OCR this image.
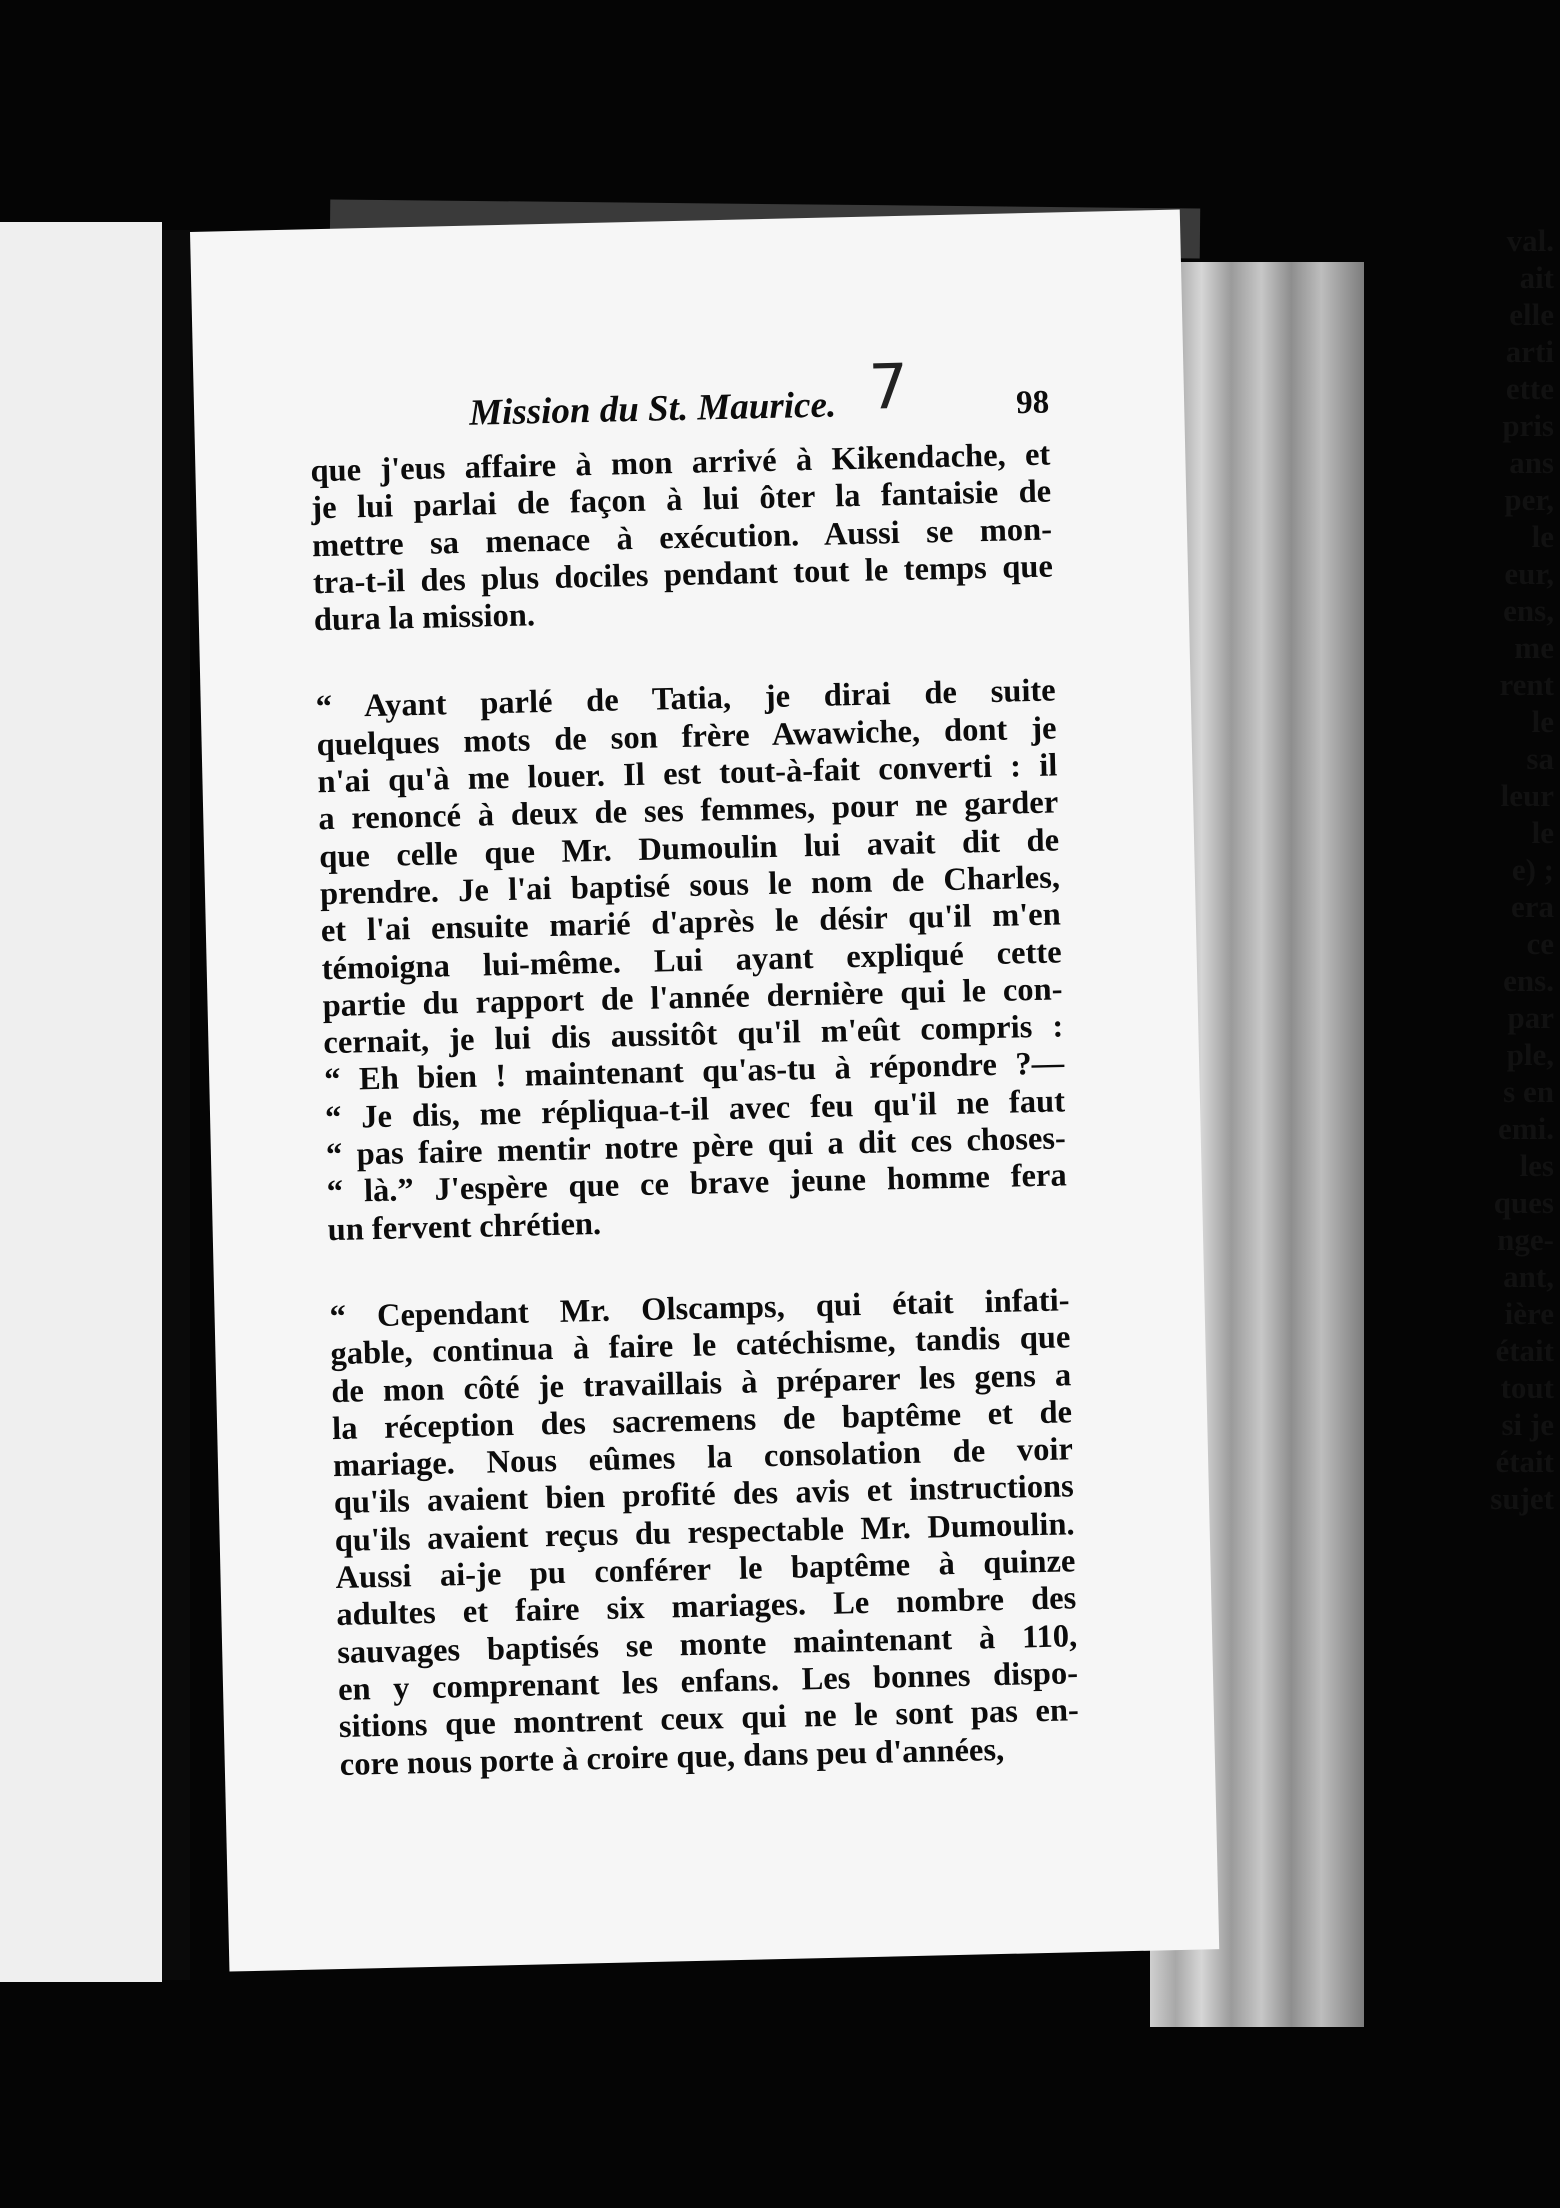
val.
ait
elle
arti
ette
pris
ans
per,
le
eur,
ens,
me
rent
le
sa
leur
le
e) ;
era
ce
ens.
par
ple,
s en
emi.
les
ques
nge-
ant,
ière
était
tout
si je
était
sujet
Mission du St. Maurice. 7	98

que j'eus affaire à mon arrivé à Kikendache, et
je lui parlai de façon à lui ôter la fantaisie de
mettre sa menace à exécution. Aussi se mon-
tra-t-il des plus dociles pendant tout le temps que
dura la mission.

“ Ayant parlé de Tatia, je dirai de suite
quelques mots de son frère Awawiche, dont je
n'ai qu'à me louer. Il est tout-à-fait converti : il
a renoncé à deux de ses femmes, pour ne garder
que celle que Mr. Dumoulin lui avait dit de
prendre. Je l'ai baptisé sous le nom de Charles,
et l'ai ensuite marié d'après le désir qu'il m'en
témoigna lui-même. Lui ayant expliqué cette
partie du rapport de l'année dernière qui le con-
cernait, je lui dis aussitôt qu'il m'eût compris :
“ Eh bien ! maintenant qu'as-tu à répondre ?—
“ Je dis, me répliqua-t-il avec feu qu'il ne faut
“ pas faire mentir notre père qui a dit ces choses-
“ là.” J'espère que ce brave jeune homme fera
un fervent chrétien.

“ Cependant Mr. Olscamps, qui était infati-
gable, continua à faire le catéchisme, tandis que
de mon côté je travaillais à préparer les gens a
la réception des sacremens de baptême et de
mariage. Nous eûmes la consolation de voir
qu'ils avaient bien profité des avis et instructions
qu'ils avaient reçus du respectable Mr. Dumoulin.
Aussi ai-je pu conférer le baptême à quinze
adultes et faire six mariages. Le nombre des
sauvages baptisés se monte maintenant à 110,
en y comprenant les enfans. Les bonnes dispo-
sitions que montrent ceux qui ne le sont pas en-
core nous porte à croire que, dans peu d'années,
